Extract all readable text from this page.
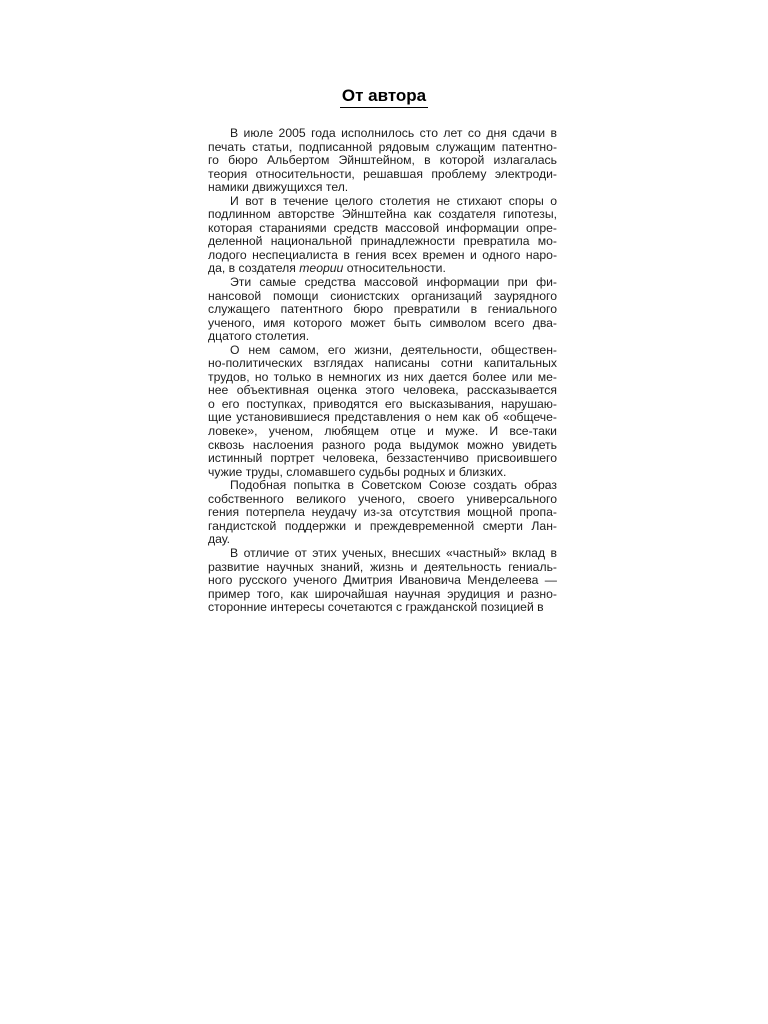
От автора
В июле 2005 года исполнилось сто лет со дня сдачи в
печать статьи, подписанной рядовым служащим патентно-
го бюро Альбертом Эйнштейном, в которой излагалась
теория относительности, решавшая проблему электроди-
намики движущихся тел.
И вот в течение целого столетия не стихают споры о
подлинном авторстве Эйнштейна как создателя гипотезы,
которая стараниями средств массовой информации опре-
деленной национальной принадлежности превратила мо-
лодого неспециалиста в гения всех времен и одного наро-
да, в создателя теории относительности.
Эти самые средства массовой информации при фи-
нансовой помощи сионистских организаций заурядного
служащего патентного бюро превратили в гениального
ученого, имя которого может быть символом всего два-
дцатого столетия.
О нем самом, его жизни, деятельности, обществен-
но-политических взглядах написаны сотни капитальных
трудов, но только в немногих из них дается более или ме-
нее объективная оценка этого человека, рассказывается
о его поступках, приводятся его высказывания, нарушаю-
щие установившиеся представления о нем как об «общече-
ловеке», ученом, любящем отце и муже. И все-таки
сквозь наслоения разного рода выдумок можно увидеть
истинный портрет человека, беззастенчиво присвоившего
чужие труды, сломавшего судьбы родных и близких.
Подобная попытка в Советском Союзе создать образ
собственного великого ученого, своего универсального
гения потерпела неудачу из-за отсутствия мощной пропа-
гандистской поддержки и преждевременной смерти Лан-
дау.
В отличие от этих ученых, внесших «частный» вклад в
развитие научных знаний, жизнь и деятельность гениаль-
ного русского ученого Дмитрия Ивановича Менделеева —
пример того, как широчайшая научная эрудиция и разно-
сторонние интересы сочетаются с гражданской позицией в
